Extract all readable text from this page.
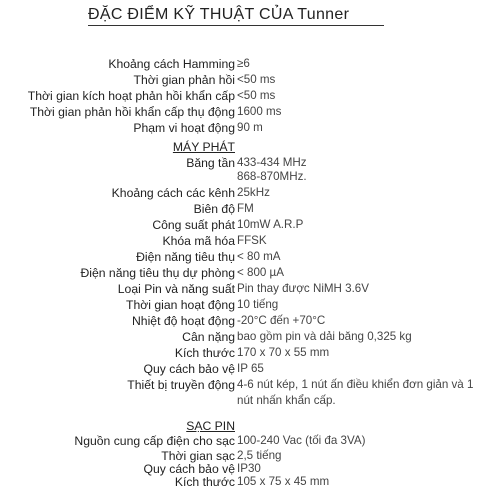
ĐẶC ĐIỂM KỸ THUẬT CỦA Tunner
Khoảng cách Hamming ≥6
Thời gian phản hồi <50 ms
Thời gian kích hoạt phản hồi khẩn cấp <50 ms
Thời gian phản hồi khẩn cấp thụ động 1600 ms
Phạm vi hoạt động 90 m
MÁY PHÁT
Băng tần 433-434 MHz
868-870MHz.
Khoảng cách các kênh 25kHz
Biên độ FM
Công suất phát 10mW A.R.P
Khóa mã hóa FFSK
Điện năng tiêu thụ < 80 mA
Điện năng tiêu thụ dự phòng < 800 µA
Loại Pin và năng suất Pin thay được NiMH 3.6V
Thời gian hoạt động 10 tiếng
Nhiệt độ hoạt động -20°C đến +70°C
Cân nặng bao gồm pin và dải băng 0,325 kg
Kích thước 170 x 70 x 55 mm
Quy cách bảo vệ IP 65
Thiết bị truyền động 4-6 nút kép, 1 nút ấn điều khiển đơn giản và 1 nút nhấn khẩn cấp.
SẠC PIN
Nguồn cung cấp điện cho sạc 100-240 Vac (tối đa 3VA)
Thời gian sạc 2,5 tiếng
Quy cách bảo vệ IP30
Kích thước 105 x 75 x 45 mm
